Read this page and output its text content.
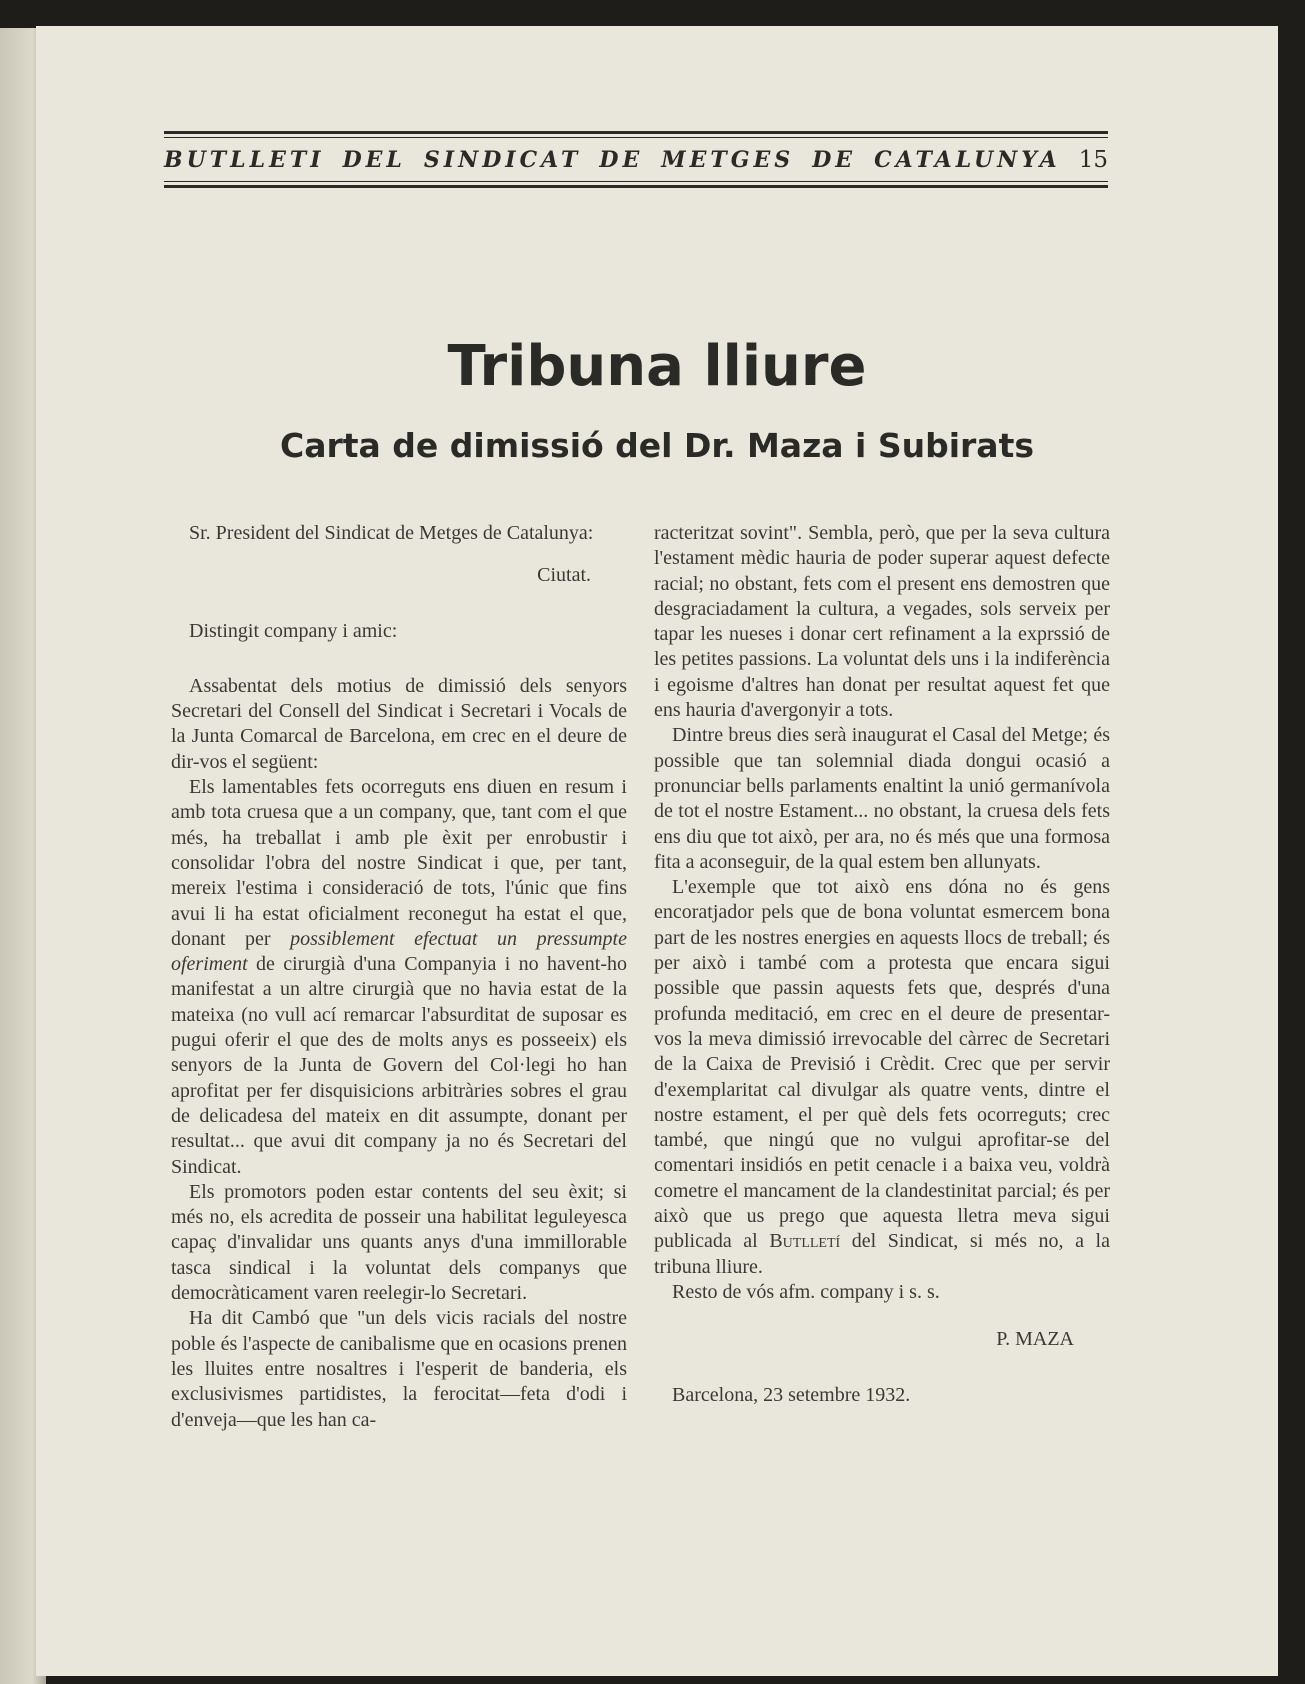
BUTLLETI DEL SINDICAT DE METGES DE CATALUNYA 15
Tribuna lliure
Carta de dimissió del Dr. Maza i Subirats

Sr. President del Sindicat de Metges de Catalunya:

Ciutat.

Distingit company i amic:

Assabentat dels motius de dimissió dels senyors Secretari del Consell del Sindicat i Secretari i Vocals de la Junta Comarcal de Barcelona, em crec en el deure de dir-vos el següent:

Els lamentables fets ocorreguts ens diuen en resum i amb tota cruesa que a un company, que, tant com el que més, ha treballat i amb ple èxit per enrobustir i consolidar l'obra del nostre Sindicat i que, per tant, mereix l'estima i consideració de tots, l'únic que fins avui li ha estat oficialment reconegut ha estat el que, donant per possiblement efectuat un pressumpte oferiment de cirurgià d'una Companyia i no havent-ho manifestat a un altre cirurgià que no havia estat de la mateixa (no vull ací remarcar l'absurditat de suposar es pugui oferir el que des de molts anys es posseeix) els senyors de la Junta de Govern del Col·legi ho han aprofitat per fer disquisicions arbitràries sobres el grau de delicadesa del mateix en dit assumpte, donant per resultat... que avui dit company ja no és Secretari del Sindicat.

Els promotors poden estar contents del seu èxit; si més no, els acredita de posseir una habilitat leguleyesca capaç d'invalidar uns quants anys d'una immillorable tasca sindical i la voluntat dels companys que democràticament varen reelegir-lo Secretari.

Ha dit Cambó que "un dels vicis racials del nostre poble és l'aspecte de canibalisme que en ocasions prenen les lluites entre nosaltres i l'esperit de banderia, els exclusivismes partidistes, la ferocitat—feta d'odi i d'enveja—que les han ca-

racteritzat sovint". Sembla, però, que per la seva cultura l'estament mèdic hauria de poder superar aquest defecte racial; no obstant, fets com el present ens demostren que desgraciadament la cultura, a vegades, sols serveix per tapar les nueses i donar cert refinament a la exprssió de les petites passions. La voluntat dels uns i la indiferència i egoisme d'altres han donat per resultat aquest fet que ens hauria d'avergonyir a tots.

Dintre breus dies serà inaugurat el Casal del Metge; és possible que tan solemnial diada dongui ocasió a pronunciar bells parlaments enaltint la unió germanívola de tot el nostre Estament... no obstant, la cruesa dels fets ens diu que tot això, per ara, no és més que una formosa fita a aconseguir, de la qual estem ben allunyats.

L'exemple que tot això ens dóna no és gens encoratjador pels que de bona voluntat esmercem bona part de les nostres energies en aquests llocs de treball; és per això i també com a protesta que encara sigui possible que passin aquests fets que, després d'una profunda meditació, em crec en el deure de presentar-vos la meva dimissió irrevocable del càrrec de Secretari de la Caixa de Previsió i Crèdit. Crec que per servir d'exemplaritat cal divulgar als quatre vents, dintre el nostre estament, el per què dels fets ocorreguts; crec també, que ningú que no vulgui aprofitar-se del comentari insidiós en petit cenacle i a baixa veu, voldrà cometre el mancament de la clandestinitat parcial; és per això que us prego que aquesta lletra meva sigui publicada al Butlletí del Sindicat, si més no, a la tribuna lliure.

Resto de vós afm. company i s. s.

P. MAZA

Barcelona, 23 setembre 1932.
